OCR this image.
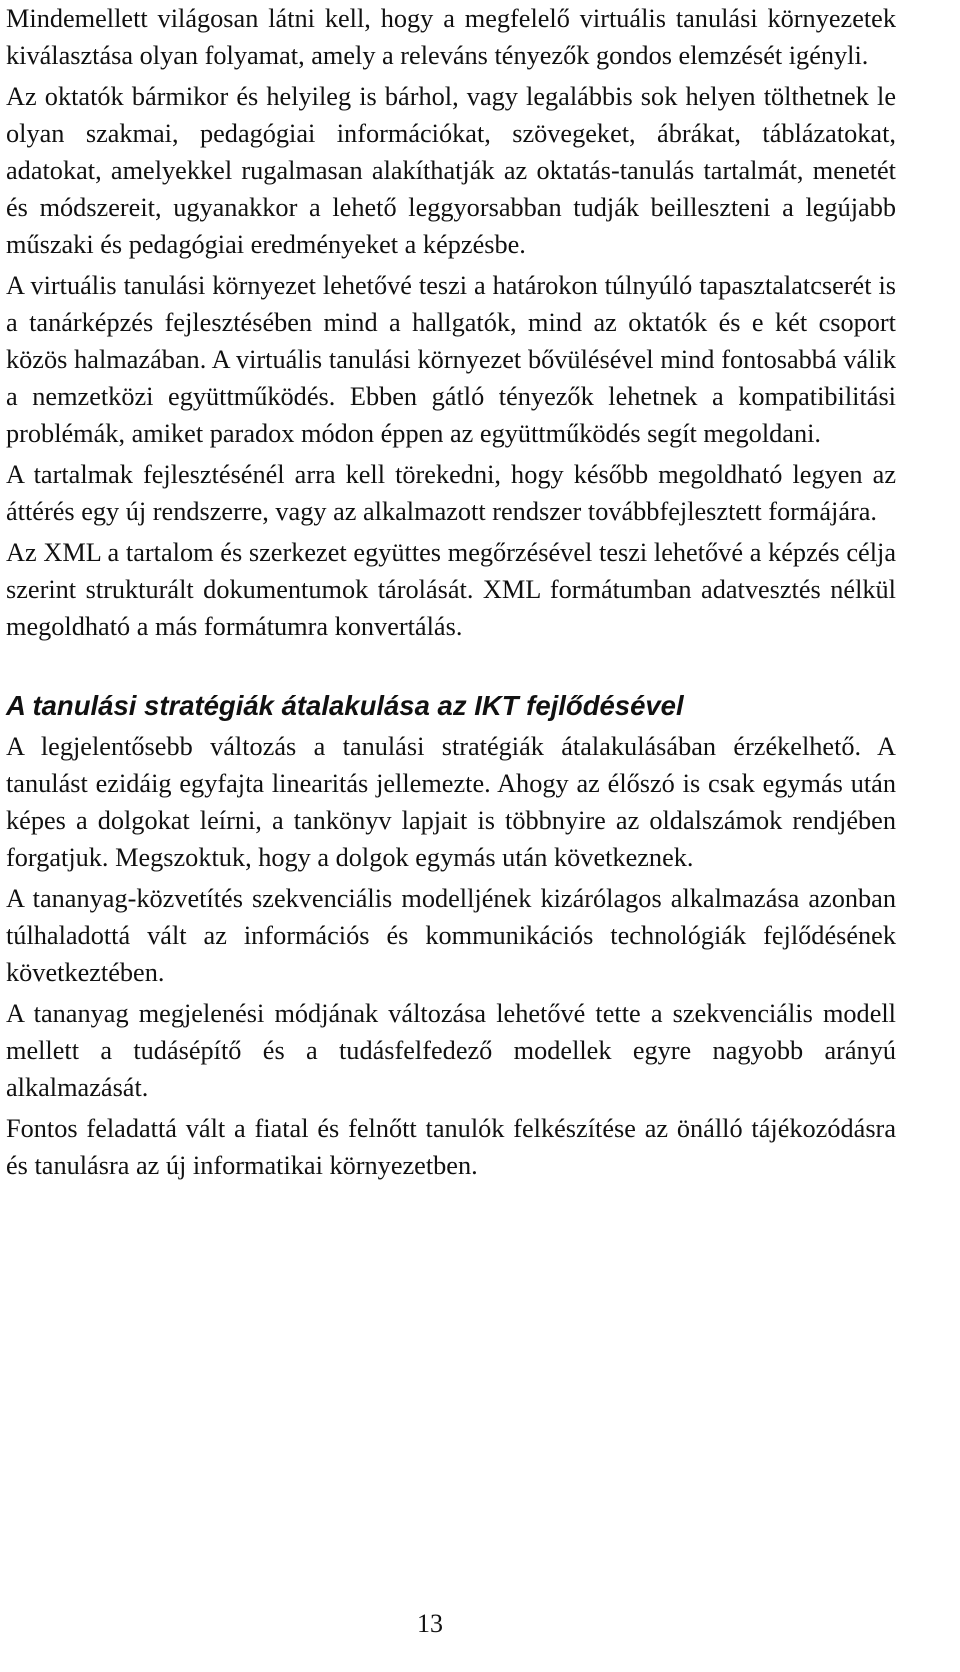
Mindemellett világosan látni kell, hogy a megfelelő virtuális tanulási környezetek kiválasztása olyan folyamat, amely a releváns tényezők gondos elemzését igényli.

Az oktatók bármikor és helyileg is bárhol, vagy legalábbis sok helyen tölthetnek le olyan szakmai, pedagógiai információkat, szövegeket, ábrákat, táblázatokat, adatokat, amelyekkel rugalmasan alakíthatják az oktatás-tanulás tartalmát, menetét és módszereit, ugyanakkor a lehető leggyorsabban tudják beilleszteni a legújabb műszaki és pedagógiai eredményeket a képzésbe.

A virtuális tanulási környezet lehetővé teszi a határokon túlnyúló tapasztalatcserét is a tanárképzés fejlesztésében mind a hallgatók, mind az oktatók és e két csoport közös halmazában. A virtuális tanulási környezet bővülésével mind fontosabbá válik a nemzetközi együttműködés. Ebben gátló tényezők lehetnek a kompatibilitási problémák, amiket paradox módon éppen az együttműködés segít megoldani.

A tartalmak fejlesztésénél arra kell törekedni, hogy később megoldható legyen az áttérés egy új rendszerre, vagy az alkalmazott rendszer továbbfejlesztett formájára.

Az XML a tartalom és szerkezet együttes megőrzésével teszi lehetővé a képzés célja szerint strukturált dokumentumok tárolását. XML formátumban adatvesztés nélkül megoldható a más formátumra konvertálás.

A tanulási stratégiák átalakulása az IKT fejlődésével

A legjelentősebb változás a tanulási stratégiák átalakulásában érzékelhető. A tanulást ezidáig egyfajta linearitás jellemezte. Ahogy az élőszó is csak egymás után képes a dolgokat leírni, a tankönyv lapjait is többnyire az oldalszámok rendjében forgatjuk. Megszoktuk, hogy a dolgok egymás után következnek.

A tananyag-közvetítés szekvenciális modelljének kizárólagos alkalmazása azonban túlhaladottá vált az információs és kommunikációs technológiák fejlődésének következtében.

A tananyag megjelenési módjának változása lehetővé tette a szekvenciális modell mellett a tudásépítő és a tudásfelfedező modellek egyre nagyobb arányú alkalmazását.

Fontos feladattá vált a fiatal és felnőtt tanulók felkészítése az önálló tájékozódásra és tanulásra az új informatikai környezetben.

13
